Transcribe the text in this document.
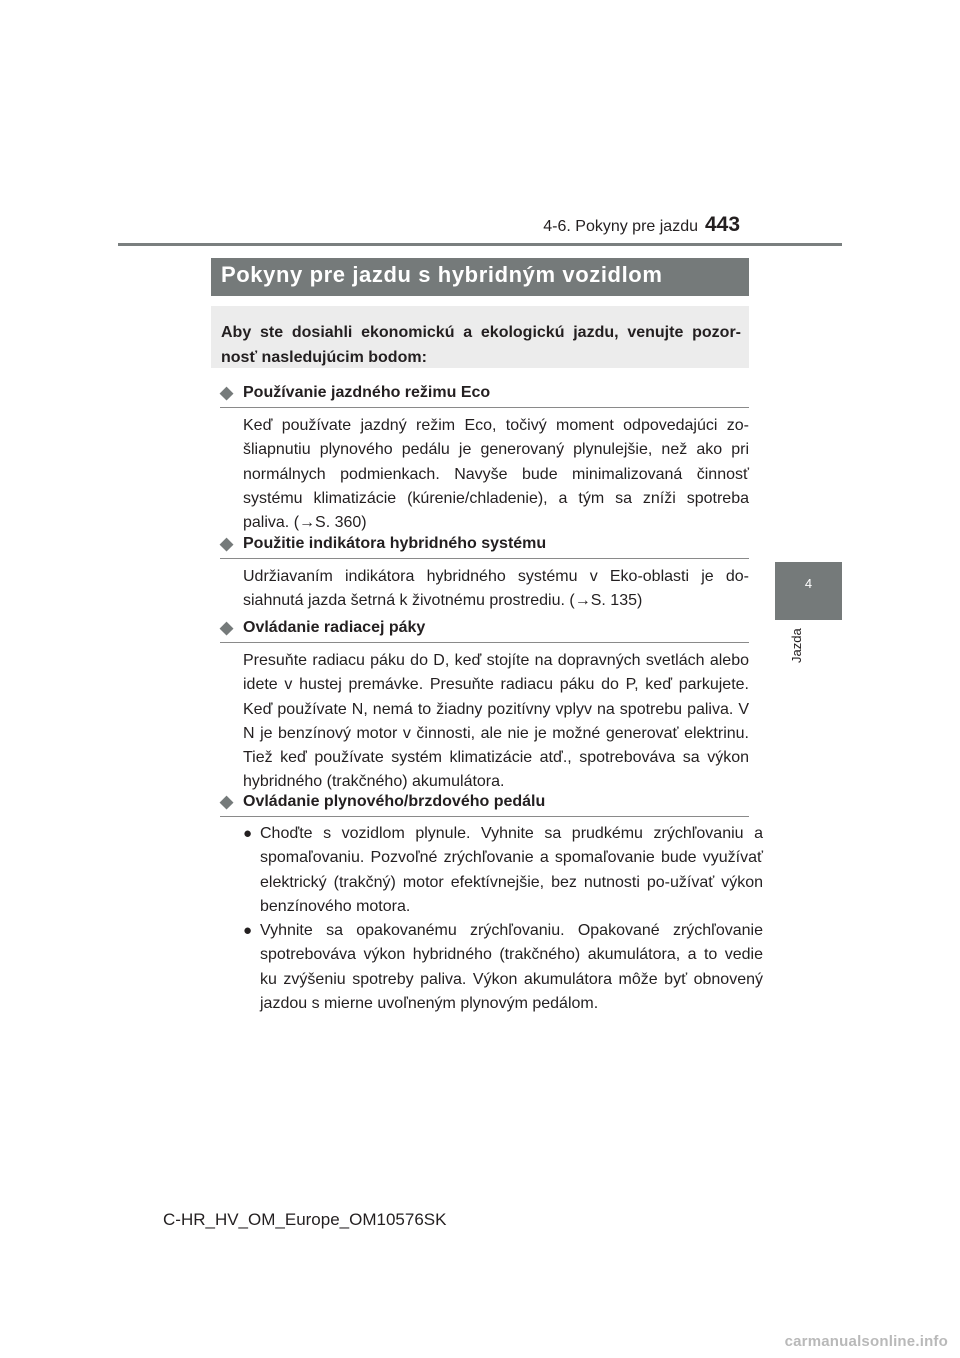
4-6. Pokyny pre jazdu 443
4
Jazda
Pokyny pre jazdu s hybridným vozidlom
Aby ste dosiahli ekonomickú a ekologickú jazdu, venujte pozor-nosť nasledujúcim bodom:
◆ Používanie jazdného režimu Eco
Keď používate jazdný režim Eco, točivý moment odpovedajúci zo-šliapnutiu plynového pedálu je generovaný plynulejšie, než ako pri normálnych podmienkach. Navyše bude minimalizovaná činnosť systému klimatizácie (kúrenie/chladenie), a tým sa zníži spotreba paliva. (→S. 360)
◆ Použitie indikátora hybridného systému
Udržiavaním indikátora hybridného systému v Eko-oblasti je do-siahnutá jazda šetrná k životnému prostrediu. (→S. 135)
◆ Ovládanie radiacej páky
Presuňte radiacu páku do D, keď stojíte na dopravných svetlách alebo idete v hustej premávke. Presuňte radiacu páku do P, keď parkujete. Keď používate N, nemá to žiadny pozitívny vplyv na spotrebu paliva. V N je benzínový motor v činnosti, ale nie je možné generovať elektrinu. Tiež keď používate systém klimatizácie atď., spotrebováva sa výkon hybridného (trakčného) akumulátora.
◆ Ovládanie plynového/brzdového pedálu
● Choďte s vozidlom plynule. Vyhnite sa prudkému zrýchľovaniu a spomaľovaniu. Pozvoľné zrýchľovanie a spomaľovanie bude využívať elektrický (trakčný) motor efektívnejšie, bez nutnosti po-užívať výkon benzínového motora.
● Vyhnite sa opakovanému zrýchľovaniu. Opakované zrýchľovanie spotrebováva výkon hybridného (trakčného) akumulátora, a to vedie ku zvýšeniu spotreby paliva. Výkon akumulátora môže byť obnovený jazdou s mierne uvoľneným plynovým pedálom.
C-HR_HV_OM_Europe_OM10576SK
carmanualsonline.info
